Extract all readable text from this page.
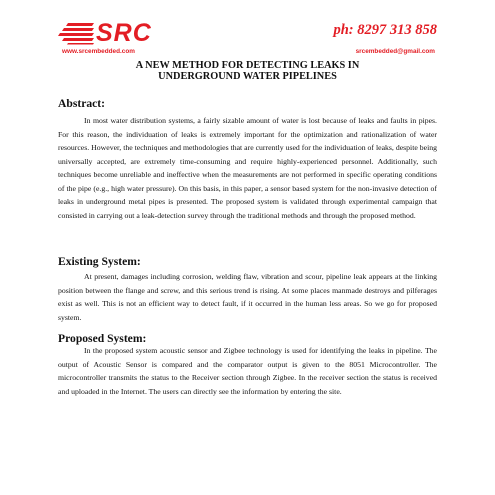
SRC	ph: 8297 313 858
www.srcembedded.com	srcembedded@gmail.com
A NEW METHOD FOR DETECTING LEAKS IN
UNDERGROUND WATER PIPELINES
Abstract:

In most water distribution systems, a fairly sizable amount of water is lost because of leaks and faults in pipes. For this reason, the individuation of leaks is extremely important for the optimization and rationalization of water resources. However, the techniques and methodologies that are currently used for the individuation of leaks, despite being universally accepted, are extremely time-consuming and require highly-experienced personnel. Additionally, such techniques become unreliable and ineffective when the measurements are not performed in specific operating conditions of the pipe (e.g., high water pressure). On this basis, in this paper, a sensor based system for the non-invasive detection of leaks in underground metal pipes is presented. The proposed system is validated through experimental campaign that consisted in carrying out a leak-detection survey through the traditional methods and through the proposed method.

Existing System:

At present, damages including corrosion, welding flaw, vibration and scour, pipeline leak appears at the linking position between the flange and screw, and this serious trend is rising. At some places manmade destroys and pilferages exist as well. This is not an efficient way to detect fault, if it occurred in the human less areas. So we go for proposed system.

Proposed System:

In the proposed system acoustic sensor and Zigbee technology is used for identifying the leaks in pipeline. The output of Acoustic Sensor is compared and the comparator output is given to the 8051 Microcontroller. The microcontroller transmits the status to the Receiver section through Zigbee. In the receiver section the status is received and uploaded in the Internet. The users can directly see the information by entering the site.
